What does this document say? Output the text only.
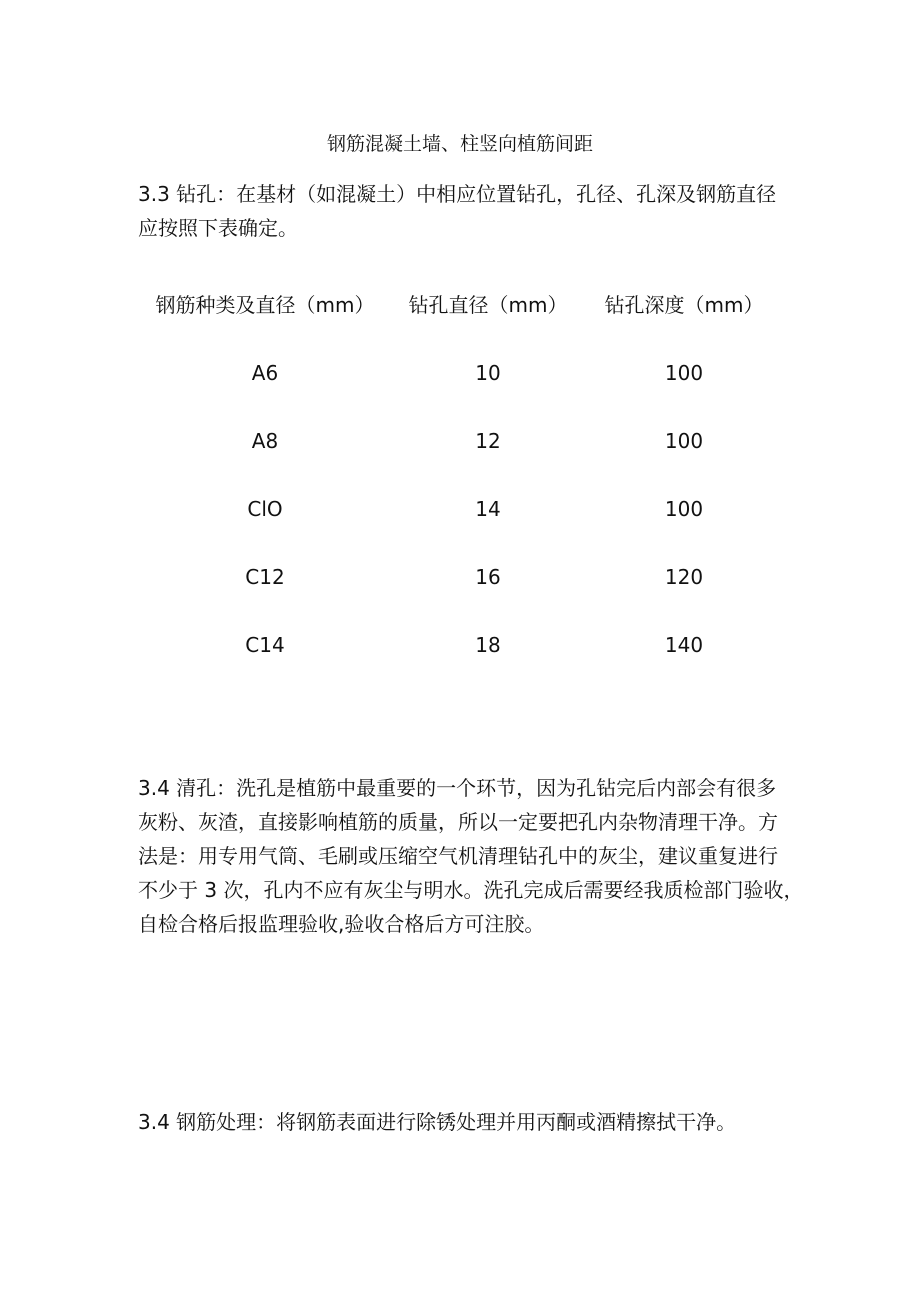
钢筋混凝土墙、柱竖向植筋间距

3.3 钻孔：在基材（如混凝土）中相应位置钻孔，孔径、孔深及钢筋直径
应按照下表确定。

钢筋种类及直径（mm） 钻孔直径（mm） 钻孔深度（mm）
A6	10	100
A8	12	100
ClO	14	100
C12	16	120
C14	18	140

3.4 清孔：洗孔是植筋中最重要的一个环节，因为孔钻完后内部会有很多
灰粉、灰渣，直接影响植筋的质量，所以一定要把孔内杂物清理干净。方
法是：用专用气筒、毛刷或压缩空气机清理钻孔中的灰尘，建议重复进行
不少于 3 次，孔内不应有灰尘与明水。洗孔完成后需要经我质检部门验收，
自检合格后报监理验收,验收合格后方可注胶。

3.4 钢筋处理：将钢筋表面进行除锈处理并用丙酮或酒精擦拭干净。
